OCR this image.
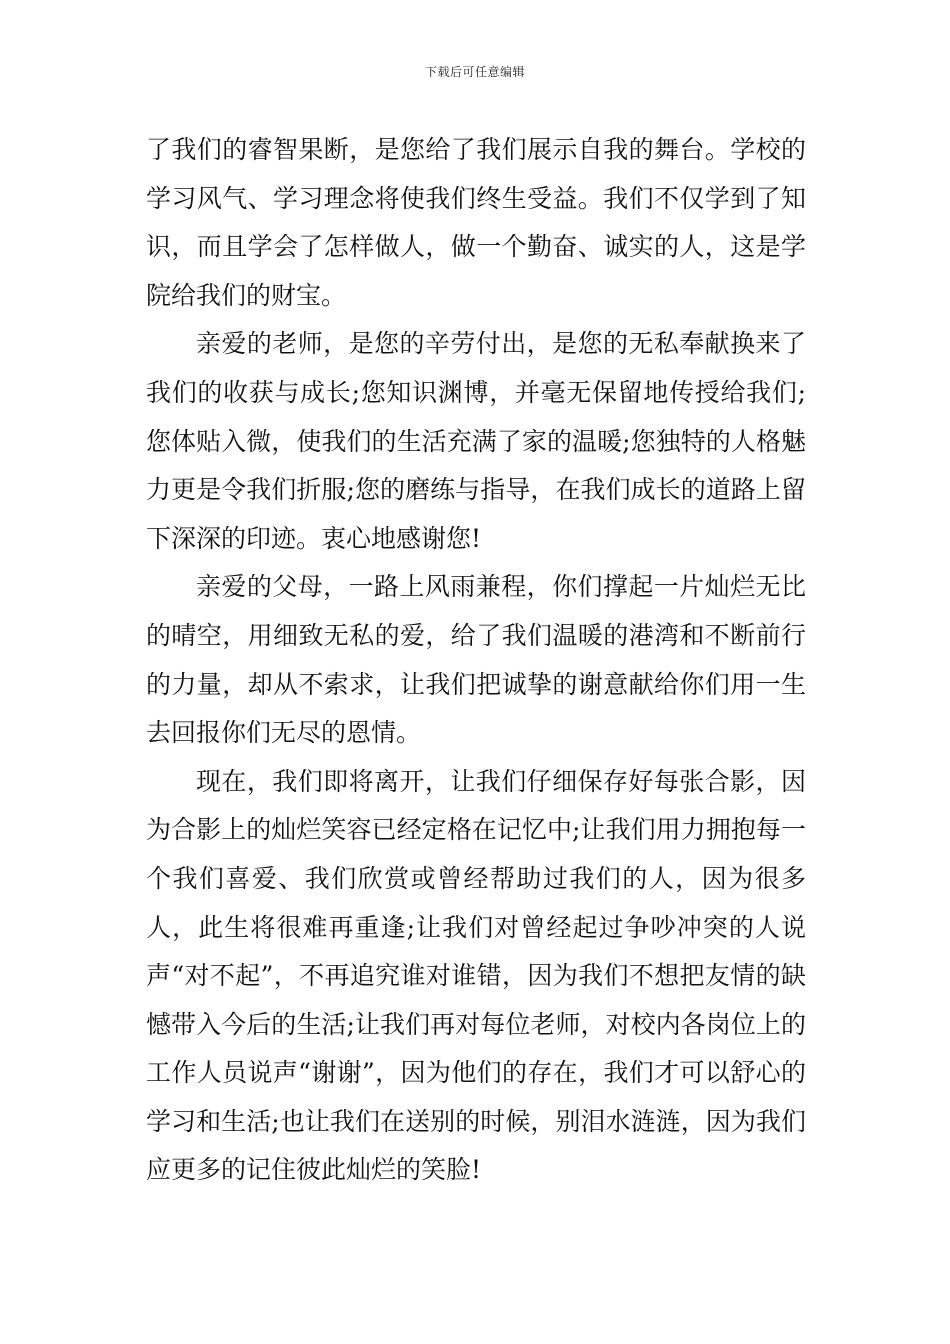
下载后可任意编辑

了我们的睿智果断，是您给了我们展示自我的舞台。学校的学习风气、学习理念将使我们终生受益。我们不仅学到了知识，而且学会了怎样做人，做一个勤奋、诚实的人，这是学院给我们的财宝。

亲爱的老师，是您的辛劳付出，是您的无私奉献换来了我们的收获与成长;您知识渊博，并毫无保留地传授给我们;您体贴入微，使我们的生活充满了家的温暖;您独特的人格魅力更是令我们折服;您的磨练与指导，在我们成长的道路上留下深深的印迹。衷心地感谢您!

亲爱的父母，一路上风雨兼程，你们撑起一片灿烂无比的晴空，用细致无私的爱，给了我们温暖的港湾和不断前行的力量，却从不索求，让我们把诚挚的谢意献给你们用一生去回报你们无尽的恩情。

现在，我们即将离开，让我们仔细保存好每张合影，因为合影上的灿烂笑容已经定格在记忆中;让我们用力拥抱每一个我们喜爱、我们欣赏或曾经帮助过我们的人，因为很多人，此生将很难再重逢;让我们对曾经起过争吵冲突的人说声“对不起”，不再追究谁对谁错，因为我们不想把友情的缺憾带入今后的生活;让我们再对每位老师，对校内各岗位上的工作人员说声“谢谢”，因为他们的存在，我们才可以舒心的学习和生活;也让我们在送别的时候，别泪水涟涟，因为我们应更多的记住彼此灿烂的笑脸!
